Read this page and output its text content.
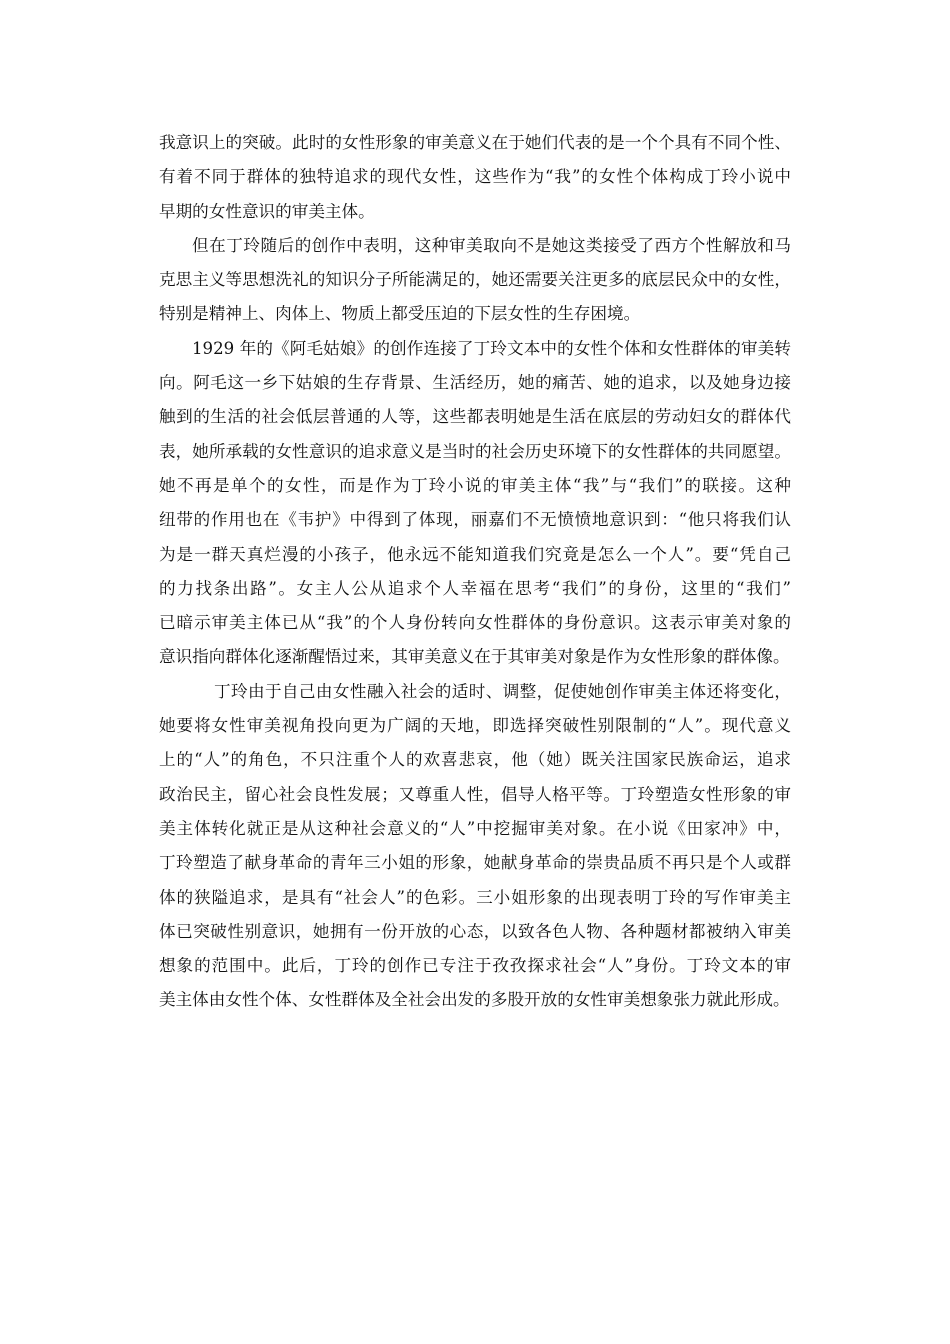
我意识上的突破。此时的女性形象的审美意义在于她们代表的是一个个具有不同个性、
有着不同于群体的独特追求的现代女性，这些作为“我”的女性个体构成丁玲小说中
早期的女性意识的审美主体。
但在丁玲随后的创作中表明，这种审美取向不是她这类接受了西方个性解放和马
克思主义等思想洗礼的知识分子所能满足的，她还需要关注更多的底层民众中的女性，
特别是精神上、肉体上、物质上都受压迫的下层女性的生存困境。
1929 年的《阿毛姑娘》的创作连接了丁玲文本中的女性个体和女性群体的审美转
向。阿毛这一乡下姑娘的生存背景、生活经历，她的痛苦、她的追求，以及她身边接
触到的生活的社会低层普通的人等，这些都表明她是生活在底层的劳动妇女的群体代
表，她所承载的女性意识的追求意义是当时的社会历史环境下的女性群体的共同愿望。
她不再是单个的女性，而是作为丁玲小说的审美主体“我”与“我们”的联接。这种
纽带的作用也在《韦护》中得到了体现，丽嘉们不无愤愤地意识到：“他只将我们认
为是一群天真烂漫的小孩子，他永远不能知道我们究竟是怎么一个人”。要“凭自己
的力找条出路”。女主人公从追求个人幸福在思考“我们”的身份，这里的“我们”
已暗示审美主体已从“我”的个人身份转向女性群体的身份意识。这表示审美对象的
意识指向群体化逐渐醒悟过来，其审美意义在于其审美对象是作为女性形象的群体像。
丁玲由于自己由女性融入社会的适时、调整，促使她创作审美主体还将变化，
她要将女性审美视角投向更为广阔的天地，即选择突破性别限制的“人”。现代意义
上的“人”的角色，不只注重个人的欢喜悲哀，他（她）既关注国家民族命运，追求
政治民主，留心社会良性发展；又尊重人性，倡导人格平等。丁玲塑造女性形象的审
美主体转化就正是从这种社会意义的“人”中挖掘审美对象。在小说《田家冲》中，
丁玲塑造了献身革命的青年三小姐的形象，她献身革命的崇贵品质不再只是个人或群
体的狭隘追求，是具有“社会人”的色彩。三小姐形象的出现表明丁玲的写作审美主
体已突破性别意识，她拥有一份开放的心态，以致各色人物、各种题材都被纳入审美
想象的范围中。此后，丁玲的创作已专注于孜孜探求社会“人”身份。丁玲文本的审
美主体由女性个体、女性群体及全社会出发的多股开放的女性审美想象张力就此形成。
